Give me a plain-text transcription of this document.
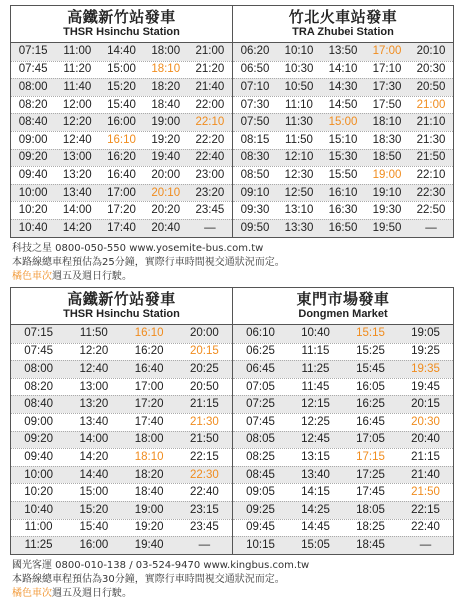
高鐵新竹站發車
THSR Hsinchu Station
07:15	11:00	14:40	18:00	21:00
07:45	11:20	15:00	18:10	21:20
08:00	11:40	15:20	18:20	21:40
08:20	12:00	15:40	18:40	22:00
08:40	12:20	16:00	19:00	22:10
09:00	12:40	16:10	19:20	22:20
09:20	13:00	16:20	19:40	22:40
09:40	13:20	16:40	20:00	23:00
10:00	13:40	17:00	20:10	23:20
10:20	14:00	17:20	20:20	23:45
10:40	14:20	17:40	20:40	—
竹北火車站發車
TRA Zhubei Station
06:20	10:10	13:50	17:00	20:10
06:50	10:30	14:10	17:10	20:30
07:10	10:50	14:30	17:30	20:50
07:30	11:10	14:50	17:50	21:00
07:50	11:30	15:00	18:10	21:10
08:15	11:50	15:10	18:30	21:30
08:30	12:10	15:30	18:50	21:50
08:50	12:30	15:50	19:00	22:10
09:10	12:50	16:10	19:10	22:30
09:30	13:10	16:30	19:30	22:50
09:50	13:30	16:50	19:50	—
科技之星 0800-050-550 www.yosemite-bus.com.tw
本路線總車程預估為25分鐘，實際行車時間視交通狀況而定。
橘色車次週五及週日行駛。
高鐵新竹站發車
THSR Hsinchu Station
07:15	11:50	16:10	20:00
07:45	12:20	16:20	20:15
08:00	12:40	16:40	20:25
08:20	13:00	17:00	20:50
08:40	13:20	17:20	21:15
09:00	13:40	17:40	21:30
09:20	14:00	18:00	21:50
09:40	14:20	18:10	22:15
10:00	14:40	18:20	22:30
10:20	15:00	18:40	22:40
10:40	15:20	19:00	23:15
11:00	15:40	19:20	23:45
11:25	16:00	19:40	—
東門市場發車
Dongmen Market
06:10	10:40	15:15	19:05
06:25	11:15	15:25	19:25
06:45	11:25	15:45	19:35
07:05	11:45	16:05	19:45
07:25	12:15	16:25	20:15
07:45	12:25	16:45	20:30
08:05	12:45	17:05	20:40
08:25	13:15	17:15	21:15
08:45	13:40	17:25	21:40
09:05	14:15	17:45	21:50
09:25	14:25	18:05	22:15
09:45	14:45	18:25	22:40
10:15	15:05	18:45	—
國光客運 0800-010-138 / 03-524-9470 www.kingbus.com.tw
本路線總車程預估為30分鐘，實際行車時間視交通狀況而定。
橘色車次週五及週日行駛。
